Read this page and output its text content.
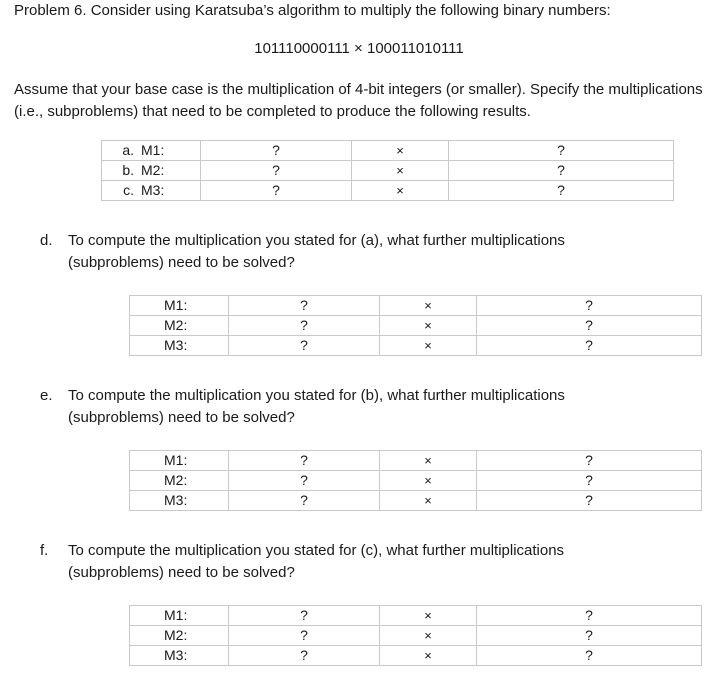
Problem 6. Consider using Karatsuba’s algorithm to multiply the following binary numbers:
101110000111 × 100011010111
Assume that your base case is the multiplication of 4-bit integers (or smaller). Specify the multiplications (i.e., subproblems) that need to be completed to produce the following results.
a. M1:	?	×	?
b. M2:	?	×	?
c. M3:	?	×	?
d. To compute the multiplication you stated for (a), what further multiplications
(subproblems) need to be solved?
M1:	?	×	?
M2:	?	×	?
M3:	?	×	?
e. To compute the multiplication you stated for (b), what further multiplications
(subproblems) need to be solved?
M1:	?	×	?
M2:	?	×	?
M3:	?	×	?
f. To compute the multiplication you stated for (c), what further multiplications
(subproblems) need to be solved?
M1:	?	×	?
M2:	?	×	?
M3:	?	×	?
